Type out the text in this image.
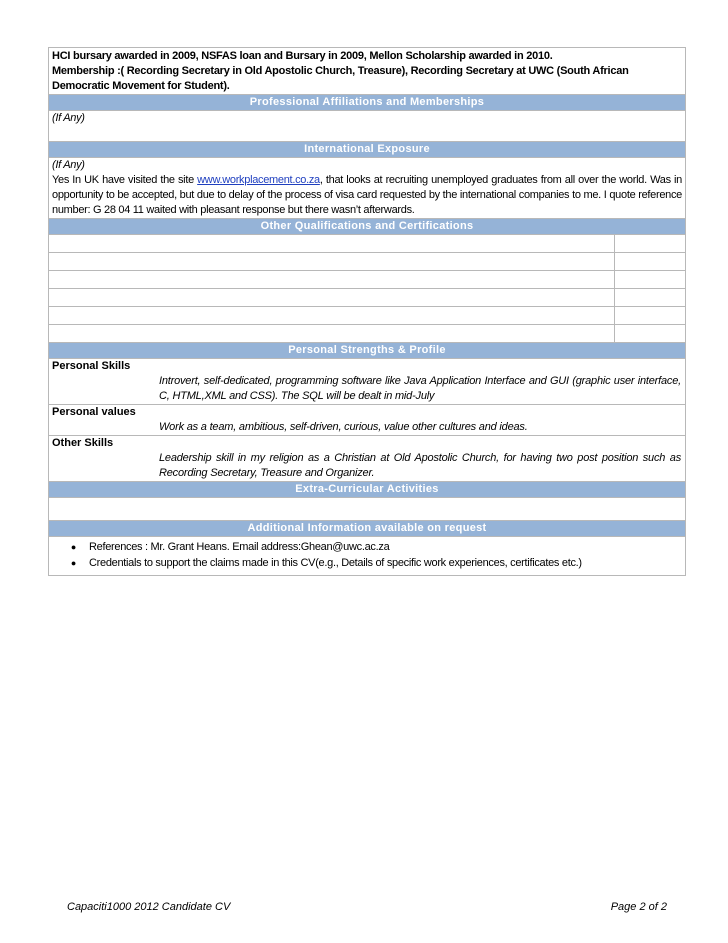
HCI bursary awarded in 2009, NSFAS loan and Bursary in 2009, Mellon Scholarship awarded in 2010.
Membership :( Recording Secretary in Old Apostolic Church, Treasure), Recording Secretary at UWC (South African Democratic Movement for Student).
Professional Affiliations and Memberships
(If Any)
International Exposure
(If Any)
Yes In UK have visited the site www.workplacement.co.za, that looks at recruiting unemployed graduates from all over the world. Was in opportunity to be accepted, but due to delay of the process of visa card requested by the international companies to me. I quote reference number: G 28 04 11 waited with pleasant response but there wasn’t afterwards.
Other Qualifications and Certifications
Personal Strengths & Profile
Personal Skills
Introvert, self-dedicated, programming software like Java Application Interface and GUI (graphic user interface, C, HTML,XML and CSS). The SQL will be dealt in mid-July
Personal values
Work as a team, ambitious, self-driven, curious, value other cultures and ideas.
Other Skills
Leadership skill in my religion as a Christian at Old Apostolic Church, for having two post position such as Recording Secretary, Treasure and Organizer.
Extra-Curricular Activities
Additional Information available on request
●	References : Mr. Grant Heans. Email address:Ghean@uwc.ac.za
●	Credentials to support the claims made in this CV(e.g., Details of specific work experiences, certificates etc.)
Capaciti1000 2012 Candidate CV	Page 2 of 2
